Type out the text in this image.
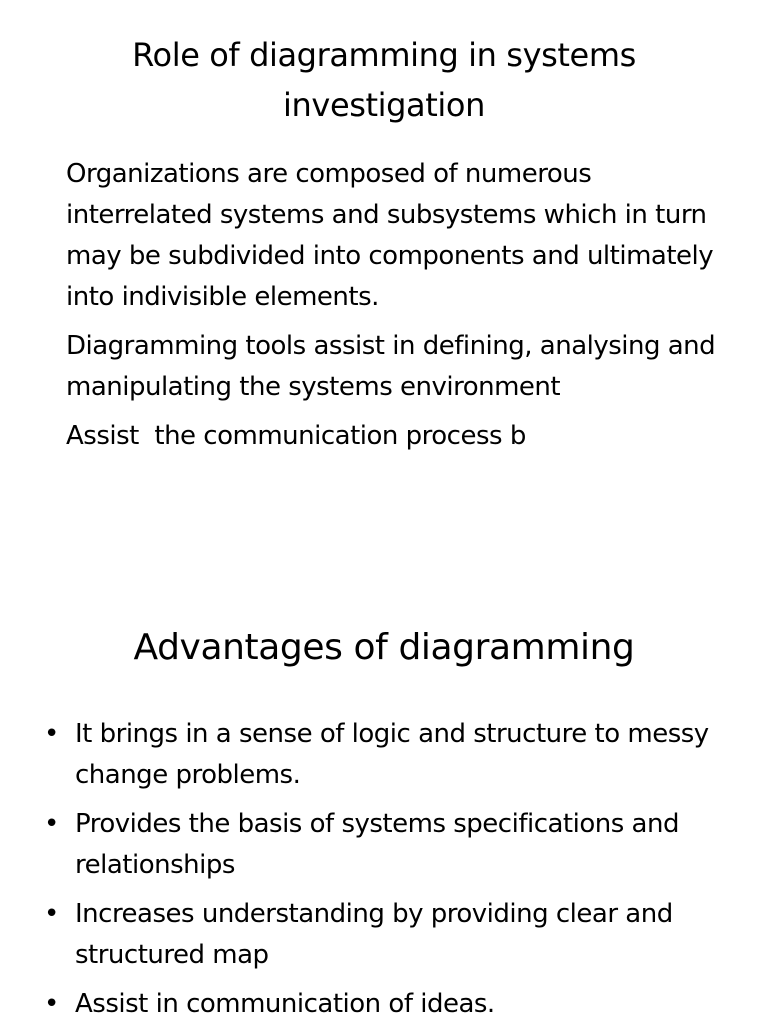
Role of diagramming in systems investigation
Organizations are composed of numerous interrelated systems and subsystems which in turn may be subdivided into components and ultimately into indivisible elements.
Diagramming tools assist in defining, analysing and manipulating the systems environment
Assist  the communication process b
Advantages of diagramming
• It brings in a sense of logic and structure to messy change problems.
• Provides the basis of systems specifications and relationships
• Increases understanding by providing clear and structured map
• Assist in communication of ideas.
